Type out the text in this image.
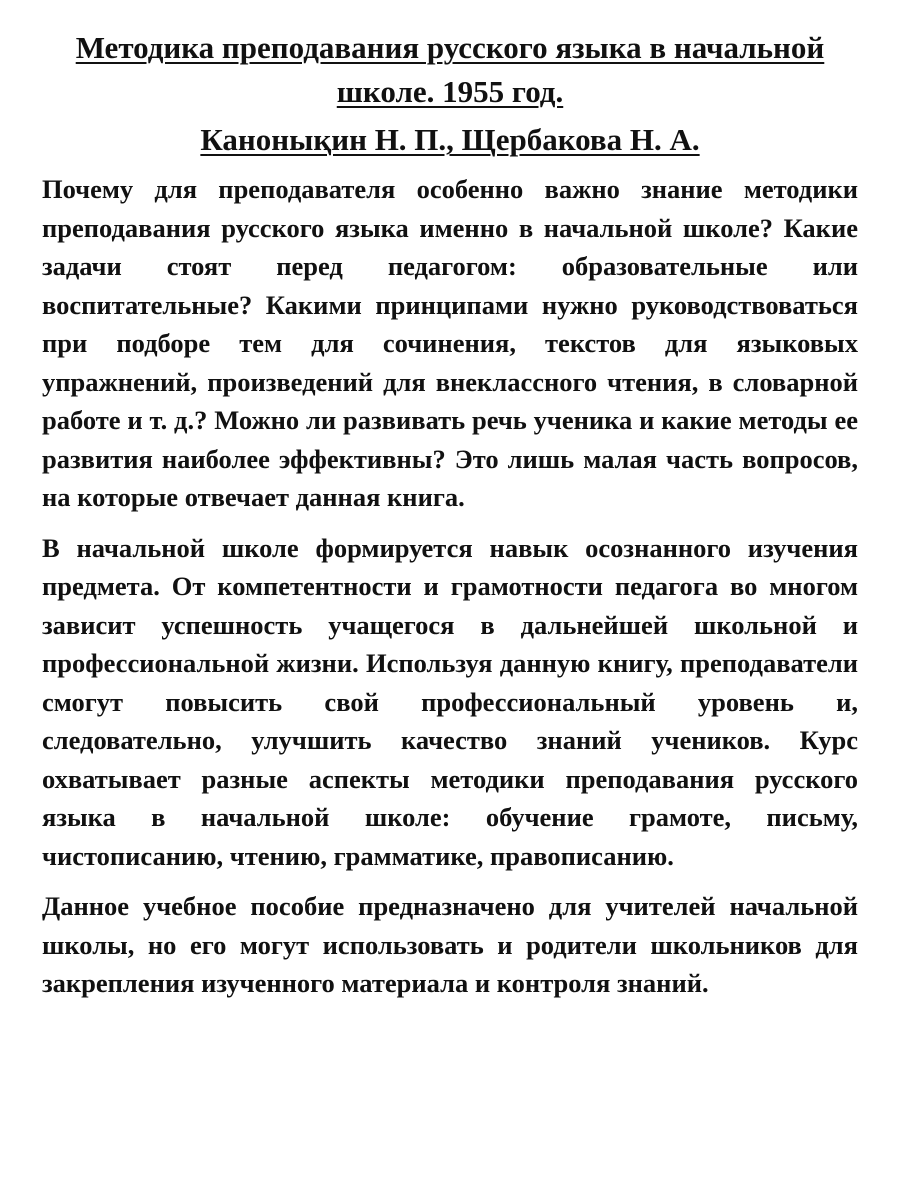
Методика преподавания русского языка в начальной школе. 1955 год.
Канонықин Н. П., Щербакова Н. А.

Почему для преподавателя особенно важно знание методики преподавания русского языка именно в начальной школе? Какие задачи стоят перед педагогом: образовательные или воспитательные? Какими принципами нужно руководствоваться при подборе тем для сочинения, текстов для языковых упражнений, произведений для внеклассного чтения, в словарной работе и т. д.? Можно ли развивать речь ученика и какие методы ее развития наиболее эффективны? Это лишь малая часть вопросов, на которые отвечает данная книга.

В начальной школе формируется навык осознанного изучения предмета. От компетентности и грамотности педагога во многом зависит успешность учащегося в дальнейшей школьной и профессиональной жизни. Используя данную книгу, преподаватели смогут повысить свой профессиональный уровень и, следовательно, улучшить качество знаний учеников. Курс охватывает разные аспекты методики преподавания русского языка в начальной школе: обучение грамоте, письму, чистописанию, чтению, грамматике, правописанию.

Данное учебное пособие предназначено для учителей начальной школы, но его могут использовать и родители школьников для закрепления изученного материала и контроля знаний.
